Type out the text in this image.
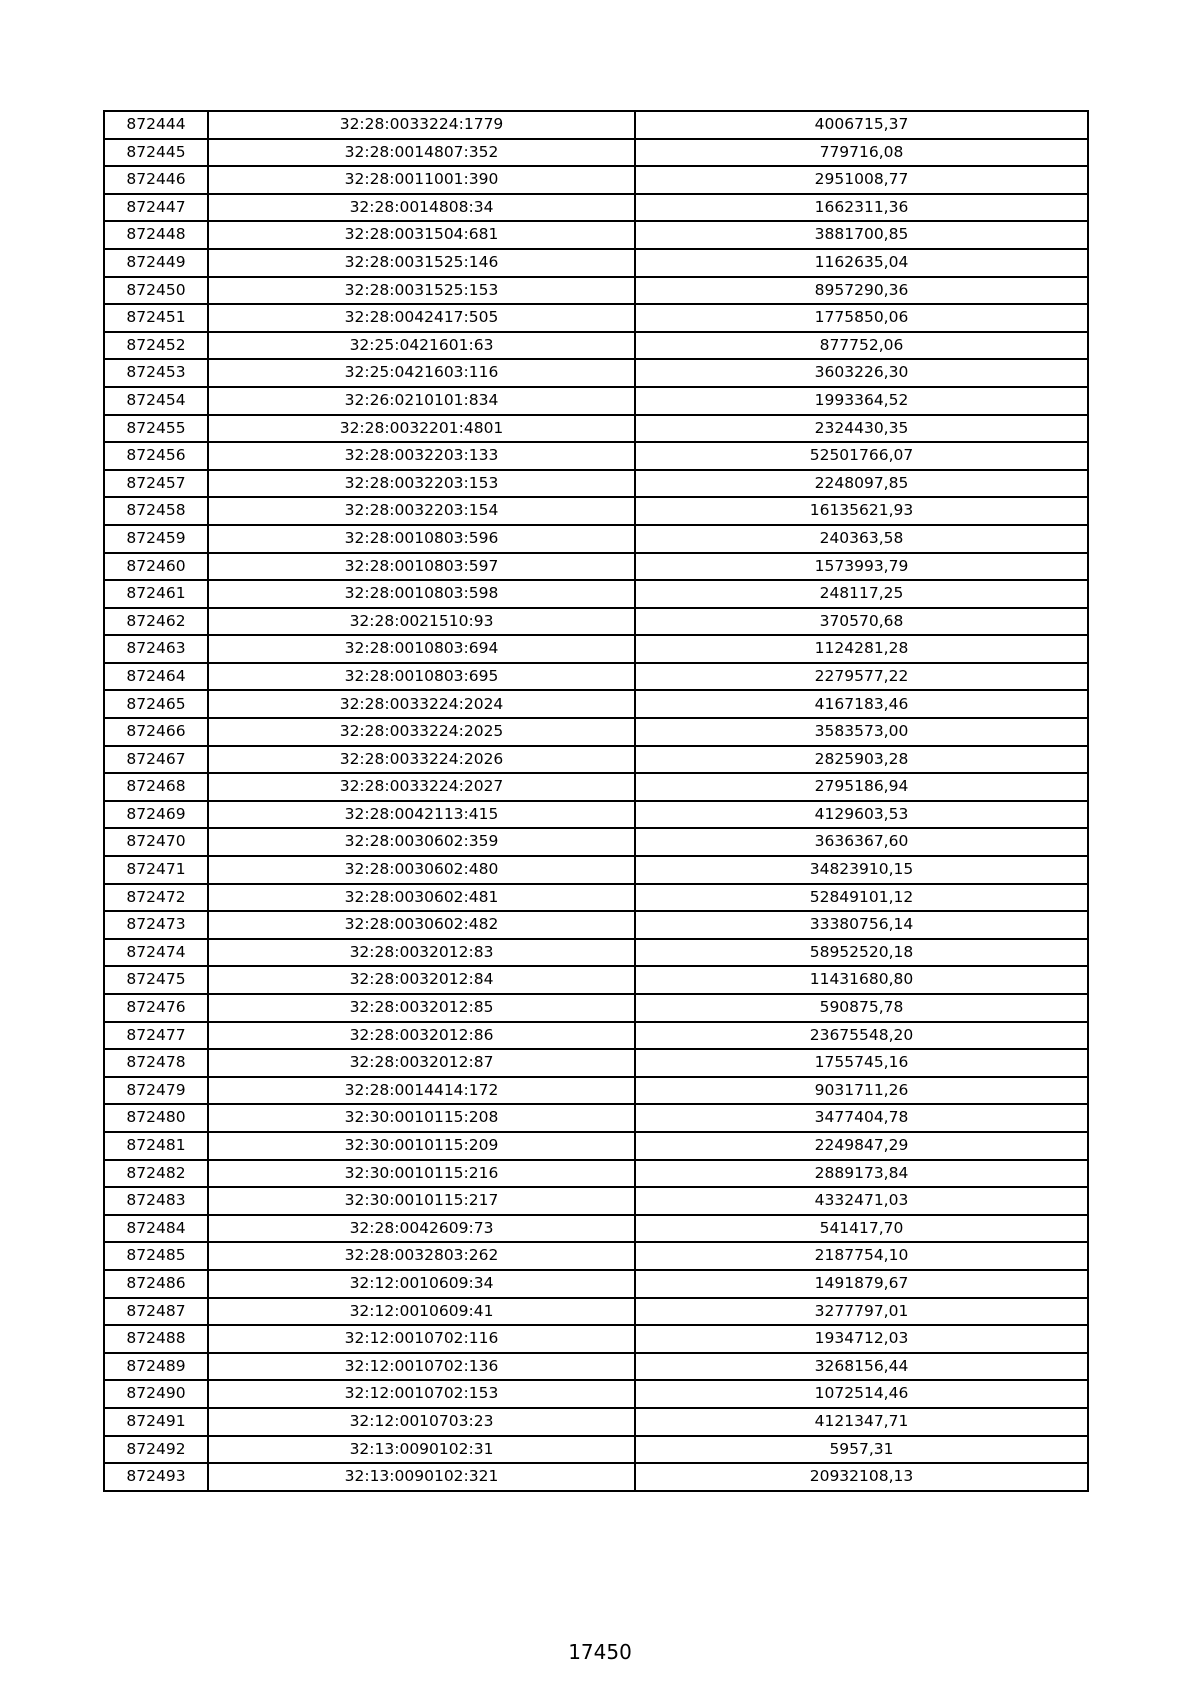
872444	32:28:0033224:1779	4006715,37
872445	32:28:0014807:352	779716,08
872446	32:28:0011001:390	2951008,77
872447	32:28:0014808:34	1662311,36
872448	32:28:0031504:681	3881700,85
872449	32:28:0031525:146	1162635,04
872450	32:28:0031525:153	8957290,36
872451	32:28:0042417:505	1775850,06
872452	32:25:0421601:63	877752,06
872453	32:25:0421603:116	3603226,30
872454	32:26:0210101:834	1993364,52
872455	32:28:0032201:4801	2324430,35
872456	32:28:0032203:133	52501766,07
872457	32:28:0032203:153	2248097,85
872458	32:28:0032203:154	16135621,93
872459	32:28:0010803:596	240363,58
872460	32:28:0010803:597	1573993,79
872461	32:28:0010803:598	248117,25
872462	32:28:0021510:93	370570,68
872463	32:28:0010803:694	1124281,28
872464	32:28:0010803:695	2279577,22
872465	32:28:0033224:2024	4167183,46
872466	32:28:0033224:2025	3583573,00
872467	32:28:0033224:2026	2825903,28
872468	32:28:0033224:2027	2795186,94
872469	32:28:0042113:415	4129603,53
872470	32:28:0030602:359	3636367,60
872471	32:28:0030602:480	34823910,15
872472	32:28:0030602:481	52849101,12
872473	32:28:0030602:482	33380756,14
872474	32:28:0032012:83	58952520,18
872475	32:28:0032012:84	11431680,80
872476	32:28:0032012:85	590875,78
872477	32:28:0032012:86	23675548,20
872478	32:28:0032012:87	1755745,16
872479	32:28:0014414:172	9031711,26
872480	32:30:0010115:208	3477404,78
872481	32:30:0010115:209	2249847,29
872482	32:30:0010115:216	2889173,84
872483	32:30:0010115:217	4332471,03
872484	32:28:0042609:73	541417,70
872485	32:28:0032803:262	2187754,10
872486	32:12:0010609:34	1491879,67
872487	32:12:0010609:41	3277797,01
872488	32:12:0010702:116	1934712,03
872489	32:12:0010702:136	3268156,44
872490	32:12:0010702:153	1072514,46
872491	32:12:0010703:23	4121347,71
872492	32:13:0090102:31	5957,31
872493	32:13:0090102:321	20932108,13
17450
